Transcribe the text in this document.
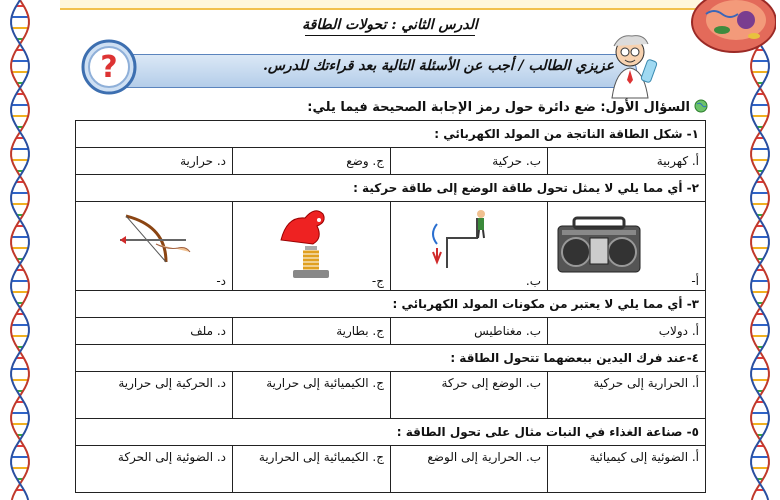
الدرس الثاني : تحولات الطاقة
?	عزيزي الطالب / أجب عن الأسئلة التالية بعد قراءتك للدرس.
السؤال الأول: ضع دائرة حول رمز الإجابة الصحيحة فيما يلي:
١- شكل الطاقة الناتجة من المولد الكهربائي :			
أ. كهربية	ب. حركية	ج. وضع	د. حرارية
٢- أي مما يلي لا يمثل تحول طاقة الوضع إلى طاقة حركية :			

أ-	ب.	ج-	د-

٣- أي مما يلي لا يعتبر من مكونات المولد الكهربائي :			
أ. دولاب	ب. مغناطيس	ج. بطارية	د. ملف
٤-عند فرك اليدين ببعضهما تتحول الطاقة :			
أ. الحرارية إلى حركية	ب. الوضع إلى حركة	ج. الكيميائية إلى حرارية	د. الحركية إلى حرارية
٥- صناعة الغذاء في النبات مثال على تحول الطاقة :			
أ. الضوئية إلى كيميائية	ب. الحرارية إلى الوضع	ج. الكيميائية إلى الحرارية	د. الضوئية إلى الحركة
